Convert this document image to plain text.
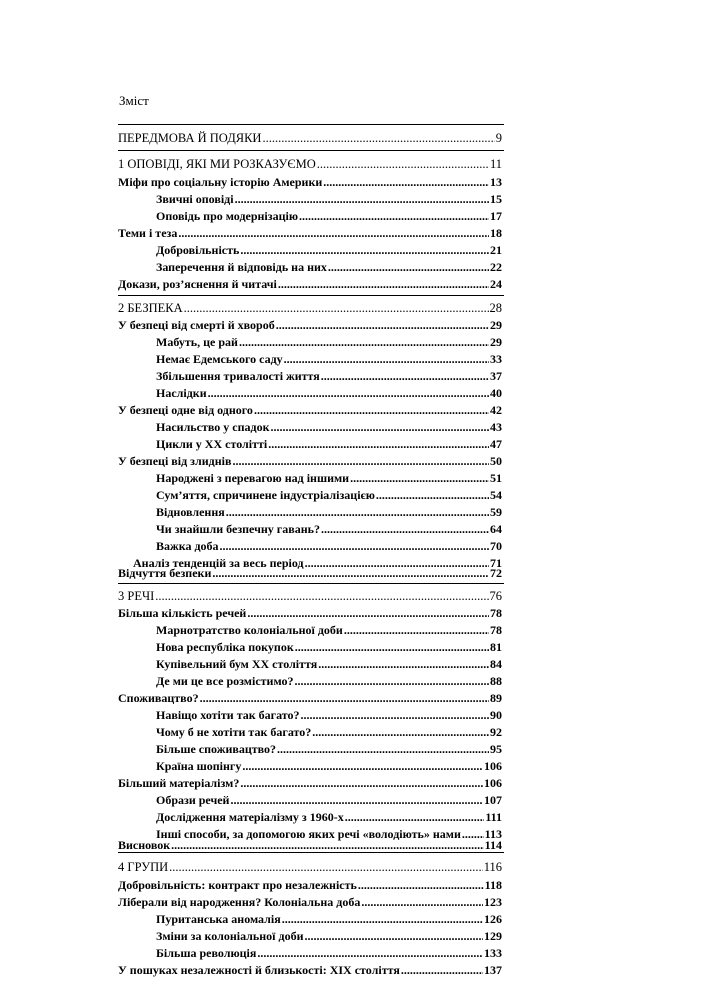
Зміст
ПЕРЕДМОВА Й ПОДЯКИ .....	9
1 ОПОВІДІ, ЯКІ МИ РОЗКАЗУЄМО .....	11
Міфи про соціальну історію Америки .....	13
Звичні оповіді .....	15
Оповідь про модернізацію .....	17
Теми і теза .....	18
Добровільність .....	21
Заперечення й відповідь на них .....	22
Докази, роз’яснення й читачі .....	24
2 БЕЗПЕКА .....	28
У безпеці від смерті й хвороб .....	29
Мабуть, це рай .....	29
Немає Едемського саду .....	33
Збільшення тривалості життя .....	37
Наслідки .....	40
У безпеці одне від одного .....	42
Насильство у спадок .....	43
Цикли у ХХ столітті .....	47
У безпеці від злиднів .....	50
Народжені з перевагою над іншими .....	51
Сум’яття, спричинене індустріалізацією .....	54
Відновлення .....	59
Чи знайшли безпечну гавань? .....	64
Важка доба .....	70
Аналіз тенденцій за весь період .....	71
Відчуття безпеки .....	72
3 РЕЧІ .....	76
Більша кількість речей .....	78
Марнотратство колоніальної доби .....	78
Нова республіка покупок .....	81
Купівельний бум ХХ століття .....	84
Де ми це все розмістимо? .....	88
Споживацтво? .....	89
Навіщо хотіти так багато? .....	90
Чому б не хотіти так багато? .....	92
Більше споживацтво? .....	95
Країна шопінгу .....	106
Більший матеріалізм? .....	106
Образи речей .....	107
Дослідження матеріалізму з 1960-х .....	111
Інші способи, за допомогою яких речі «володіють» нами ..... 113
Висновок .....	114
4 ГРУПИ .....	116
Добровільність: контракт про незалежність .....	118
Ліберали від народження? Колоніальна доба .....	123
Пуританська аномалія .....	126
Зміни за колоніальної доби .....	129
Більша революція .....	133
У пошуках незалежності й близькості: ХІХ століття .....	137
